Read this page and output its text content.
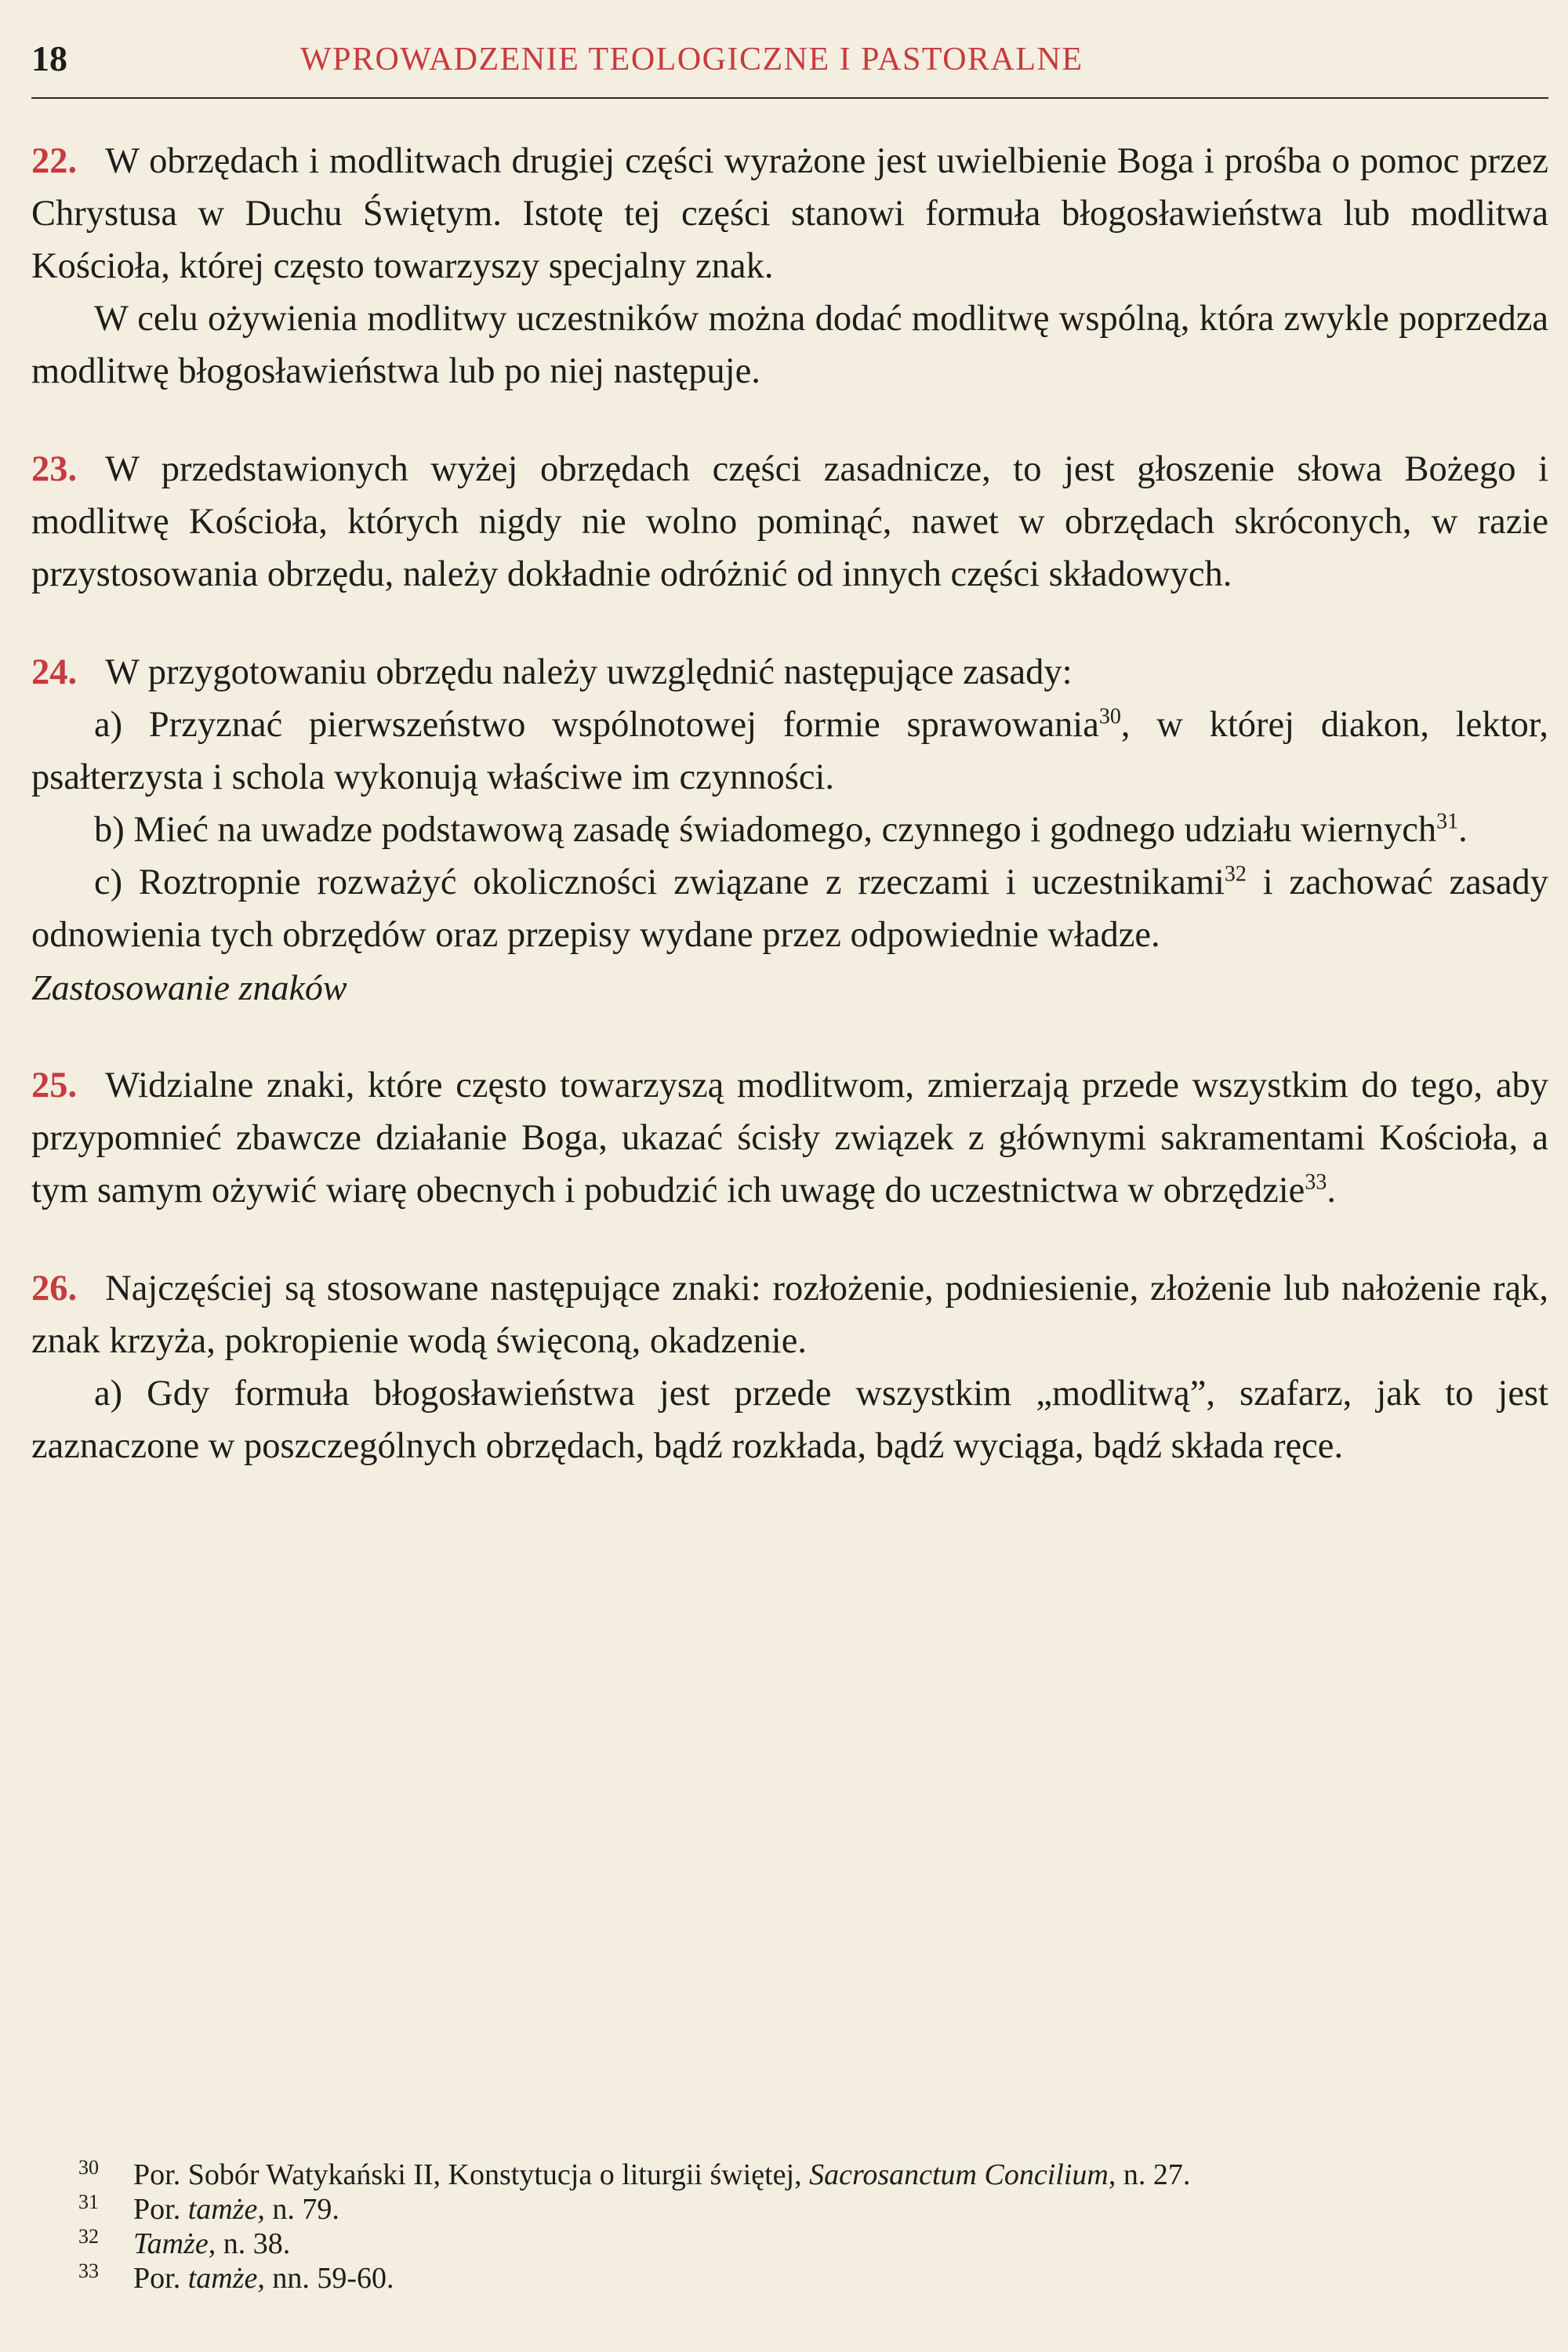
18	WPROWADZENIE TEOLOGICZNE I PASTORALNE

22. W obrzędach i modlitwach drugiej części wyrażone jest uwielbienie Boga i prośba o pomoc przez Chrystusa w Duchu Świętym. Istotę tej części stanowi formuła błogosławieństwa lub modlitwa Kościoła, której często towarzyszy specjalny znak.

W celu ożywienia modlitwy uczestników można dodać modlitwę wspólną, która zwykle poprzedza modlitwę błogosławieństwa lub po niej następuje.

23. W przedstawionych wyżej obrzędach części zasadnicze, to jest głoszenie słowa Bożego i modlitwę Kościoła, których nigdy nie wolno pominąć, nawet w obrzędach skróconych, w razie przystosowania obrzędu, należy dokładnie odróżnić od innych części składowych.

24. W przygotowaniu obrzędu należy uwzględnić następujące zasady:

a) Przyznać pierwszeństwo wspólnotowej formie sprawowania$^{30}$, w której diakon, lektor, psałterzysta i schola wykonują właściwe im czynności.

b) Mieć na uwadze podstawową zasadę świadomego, czynnego i godnego udziału wiernych$^{31}$.

c) Roztropnie rozważyć okoliczności związane z rzeczami i uczestnikami$^{32}$ i zachować zasady odnowienia tych obrzędów oraz przepisy wydane przez odpowiednie władze.

Zastosowanie znaków

25. Widzialne znaki, które często towarzyszą modlitwom, zmierzają przede wszystkim do tego, aby przypomnieć zbawcze działanie Boga, ukazać ścisły związek z głównymi sakramentami Kościoła, a tym samym ożywić wiarę obecnych i pobudzić ich uwagę do uczestnictwa w obrzędzie$^{33}$.

26. Najczęściej są stosowane następujące znaki: rozłożenie, podniesienie, złożenie lub nałożenie rąk, znak krzyża, pokropienie wodą święconą, okadzenie.

a) Gdy formuła błogosławieństwa jest przede wszystkim „modlitwą”, szafarz, jak to jest zaznaczone w poszczególnych obrzędach, bądź rozkłada, bądź wyciąga, bądź składa ręce.

30 Por. Sobór Watykański II, Konstytucja o liturgii świętej, Sacrosanctum Concilium, n. 27.

31 Por. tamże, n. 79.

32 Tamże, n. 38.

33 Por. tamże, nn. 59-60.
